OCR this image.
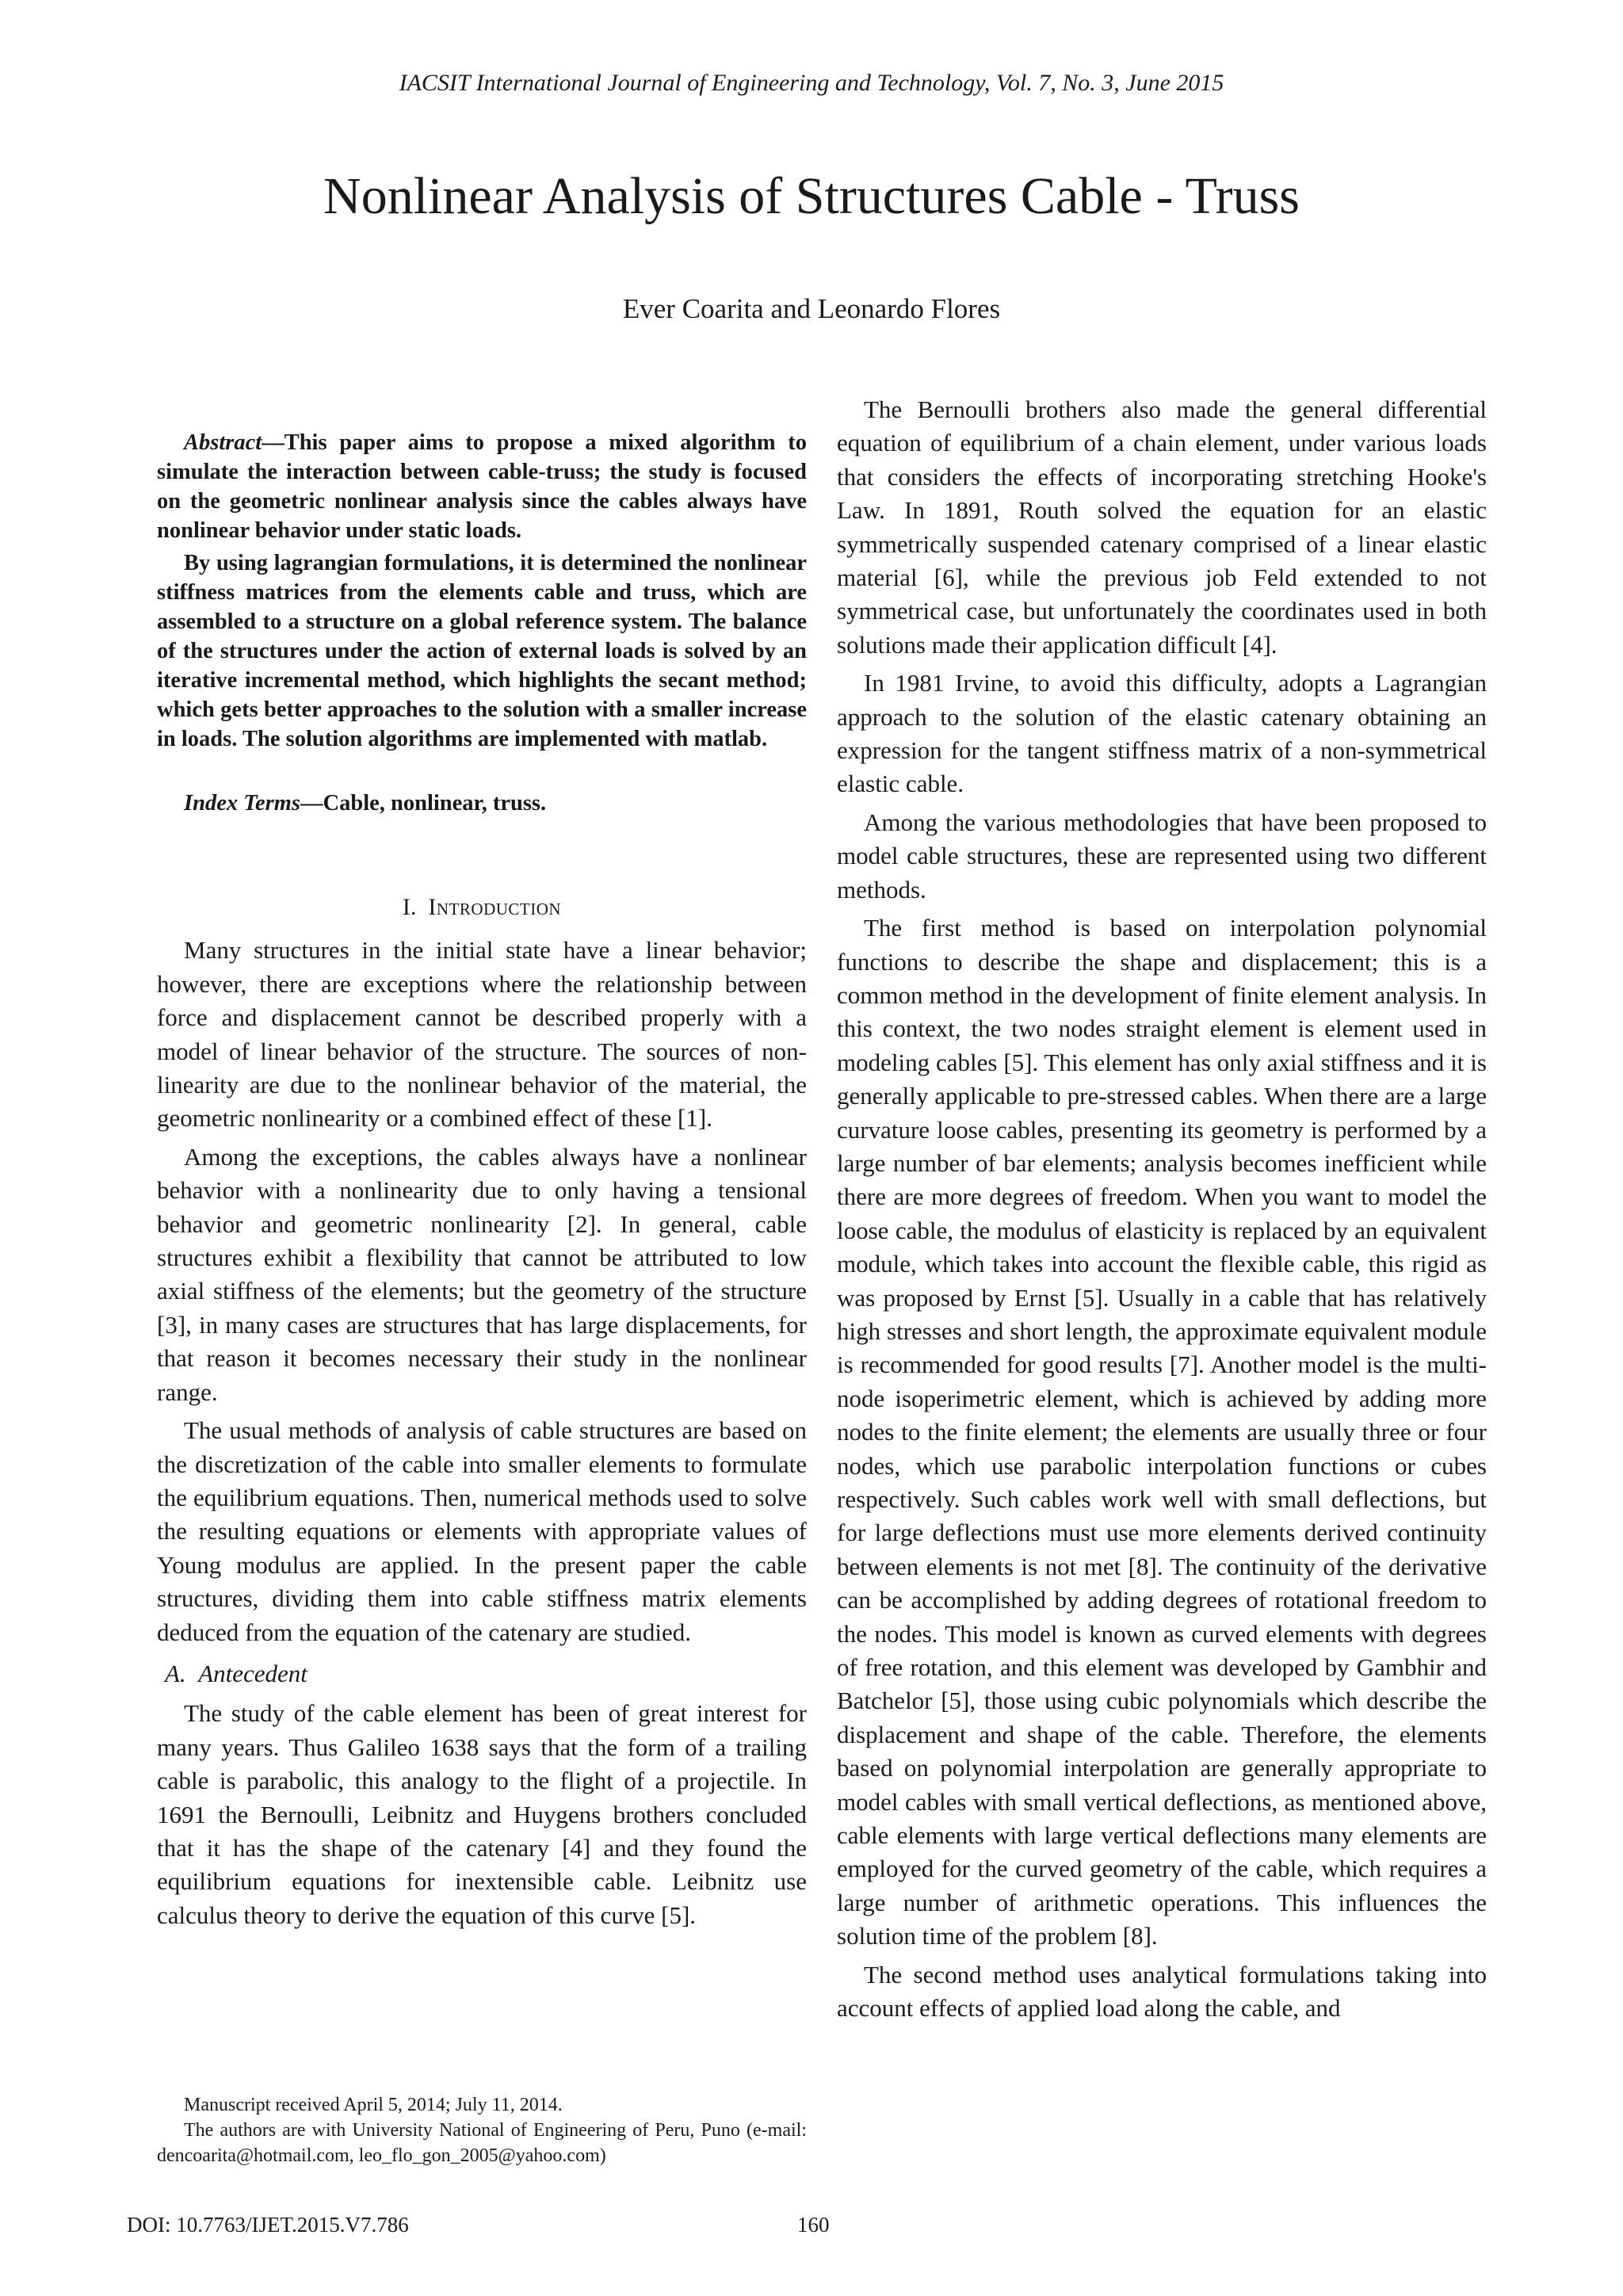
IACSIT International Journal of Engineering and Technology, Vol. 7, No. 3, June 2015
Nonlinear Analysis of Structures Cable - Truss
Ever Coarita and Leonardo Flores

Abstract—This paper aims to propose a mixed algorithm to simulate the interaction between cable-truss; the study is focused on the geometric nonlinear analysis since the cables always have nonlinear behavior under static loads.

By using lagrangian formulations, it is determined the nonlinear stiffness matrices from the elements cable and truss, which are assembled to a structure on a global reference system. The balance of the structures under the action of external loads is solved by an iterative incremental method, which highlights the secant method; which gets better approaches to the solution with a smaller increase in loads. The solution algorithms are implemented with matlab.

Index Terms—Cable, nonlinear, truss.

I. Introduction

Many structures in the initial state have a linear behavior; however, there are exceptions where the relationship between force and displacement cannot be described properly with a model of linear behavior of the structure. The sources of non-linearity are due to the nonlinear behavior of the material, the geometric nonlinearity or a combined effect of these [1].

Among the exceptions, the cables always have a nonlinear behavior with a nonlinearity due to only having a tensional behavior and geometric nonlinearity [2]. In general, cable structures exhibit a flexibility that cannot be attributed to low axial stiffness of the elements; but the geometry of the structure [3], in many cases are structures that has large displacements, for that reason it becomes necessary their study in the nonlinear range.

The usual methods of analysis of cable structures are based on the discretization of the cable into smaller elements to formulate the equilibrium equations. Then, numerical methods used to solve the resulting equations or elements with appropriate values of Young modulus are applied. In the present paper the cable structures, dividing them into cable stiffness matrix elements deduced from the equation of the catenary are studied.

A. Antecedent

The study of the cable element has been of great interest for many years. Thus Galileo 1638 says that the form of a trailing cable is parabolic, this analogy to the flight of a projectile. In 1691 the Bernoulli, Leibnitz and Huygens brothers concluded that it has the shape of the catenary [4] and they found the equilibrium equations for inextensible cable. Leibnitz use calculus theory to derive the equation of this curve [5].

The Bernoulli brothers also made the general differential equation of equilibrium of a chain element, under various loads that considers the effects of incorporating stretching Hooke's Law. In 1891, Routh solved the equation for an elastic symmetrically suspended catenary comprised of a linear elastic material [6], while the previous job Feld extended to not symmetrical case, but unfortunately the coordinates used in both solutions made their application difficult [4].

In 1981 Irvine, to avoid this difficulty, adopts a Lagrangian approach to the solution of the elastic catenary obtaining an expression for the tangent stiffness matrix of a non-symmetrical elastic cable.

Among the various methodologies that have been proposed to model cable structures, these are represented using two different methods.

The first method is based on interpolation polynomial functions to describe the shape and displacement; this is a common method in the development of finite element analysis. In this context, the two nodes straight element is element used in modeling cables [5]. This element has only axial stiffness and it is generally applicable to pre-stressed cables. When there are a large curvature loose cables, presenting its geometry is performed by a large number of bar elements; analysis becomes inefficient while there are more degrees of freedom. When you want to model the loose cable, the modulus of elasticity is replaced by an equivalent module, which takes into account the flexible cable, this rigid as was proposed by Ernst [5]. Usually in a cable that has relatively high stresses and short length, the approximate equivalent module is recommended for good results [7]. Another model is the multi-node isoperimetric element, which is achieved by adding more nodes to the finite element; the elements are usually three or four nodes, which use parabolic interpolation functions or cubes respectively. Such cables work well with small deflections, but for large deflections must use more elements derived continuity between elements is not met [8]. The continuity of the derivative can be accomplished by adding degrees of rotational freedom to the nodes. This model is known as curved elements with degrees of free rotation, and this element was developed by Gambhir and Batchelor [5], those using cubic polynomials which describe the displacement and shape of the cable. Therefore, the elements based on polynomial interpolation are generally appropriate to model cables with small vertical deflections, as mentioned above, cable elements with large vertical deflections many elements are employed for the curved geometry of the cable, which requires a large number of arithmetic operations. This influences the solution time of the problem [8].

The second method uses analytical formulations taking into account effects of applied load along the cable, and

Manuscript received April 5, 2014; July 11, 2014.

The authors are with University National of Engineering of Peru, Puno (e-mail: dencoarita@hotmail.com, leo_flo_gon_2005@yahoo.com)

DOI: 10.7763/IJET.2015.V7.786	160
